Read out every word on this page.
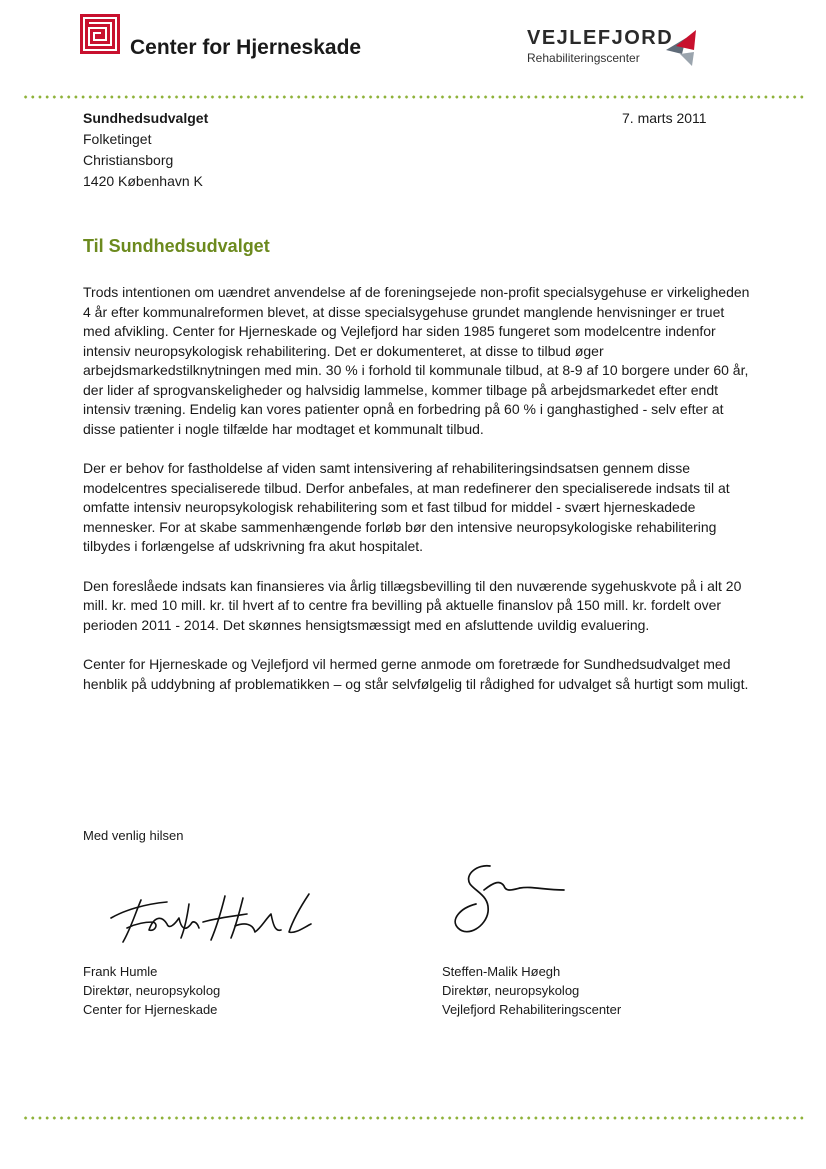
Center for Hjerneskade	VEJLEFJORD
Rehabiliteringscenter
Sundhedsudvalget
Folketinget
Christiansborg
1420 København K
7. marts 2011
Til Sundhedsudvalget

Trods intentionen om uændret anvendelse af de foreningsejede non-profit specialsygehuse er virkeligheden 4 år efter kommunalreformen blevet, at disse specialsygehuse grundet manglende henvisninger er truet med afvikling. Center for Hjerneskade og Vejlefjord har siden 1985 fungeret som modelcentre indenfor intensiv neuropsykologisk rehabilitering. Det er dokumenteret, at disse to tilbud øger arbejdsmarkedstilknytningen med min. 30 % i forhold til kommunale tilbud, at 8-9 af 10 borgere under 60 år, der lider af sprogvanskeligheder og halvsidig lammelse, kommer tilbage på arbejdsmarkedet efter endt intensiv træning. Endelig kan vores patienter opnå en forbedring på 60 % i ganghastighed - selv efter at disse patienter i nogle tilfælde har modtaget et kommunalt tilbud.

Der er behov for fastholdelse af viden samt intensivering af rehabiliteringsindsatsen gennem disse modelcentres specialiserede tilbud. Derfor anbefales, at man redefinerer den specialiserede indsats til at omfatte intensiv neuropsykologisk rehabilitering som et fast tilbud for middel - svært hjerneskadede mennesker. For at skabe sammenhængende forløb bør den intensive neuropsykologiske rehabilitering tilbydes i forlængelse af udskrivning fra akut hospitalet.

Den foreslåede indsats kan finansieres via årlig tillægsbevilling til den nuværende sygehuskvote på i alt 20 mill. kr. med 10 mill. kr. til hvert af to centre fra bevilling på aktuelle finanslov på 150 mill. kr. fordelt over perioden 2011 - 2014. Det skønnes hensigtsmæssigt med en afsluttende uvildig evaluering.

Center for Hjerneskade og Vejlefjord vil hermed gerne anmode om foretræde for Sundhedsudvalget med henblik på uddybning af problematikken – og står selvfølgelig til rådighed for udvalget så hurtigt som muligt.

Med venlig hilsen
Frank Humle
Direktør, neuropsykolog
Center for Hjerneskade
Steffen-Malik Høegh
Direktør, neuropsykolog
Vejlefjord Rehabiliteringscenter
